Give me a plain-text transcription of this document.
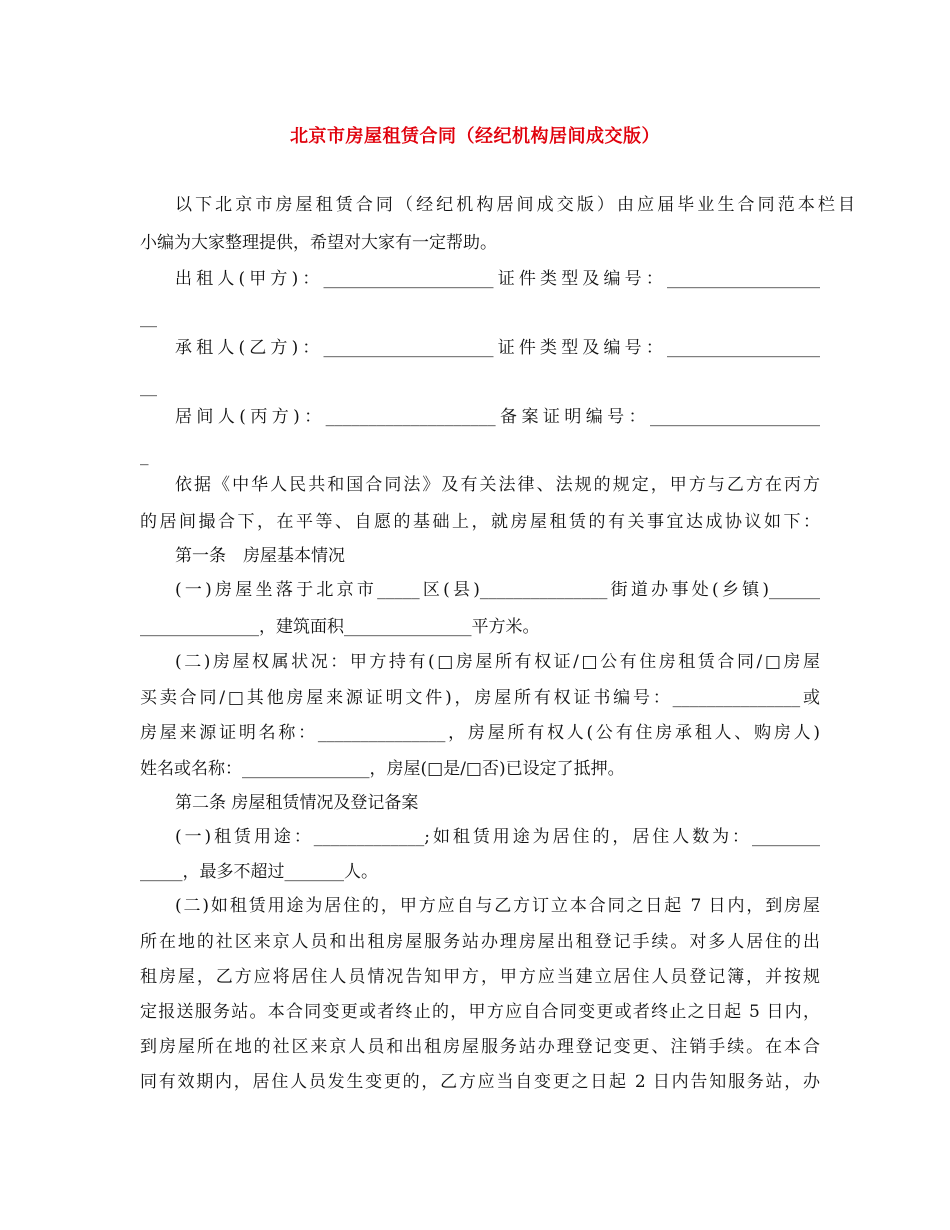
北京市房屋租赁合同（经纪机构居间成交版）
以下北京市房屋租赁合同（经纪机构居间成交版）由应届毕业生合同范本栏目
小编为大家整理提供，希望对大家有一定帮助。
出租人(甲方)：____________________证件类型及编号：__________________
__
承租人(乙方)：____________________证件类型及编号：__________________
__
居间人(丙方)：____________________备案证明编号：____________________
_
依据《中华人民共和国合同法》及有关法律、法规的规定，甲方与乙方在丙方
的居间撮合下，在平等、自愿的基础上，就房屋租赁的有关事宜达成协议如下：
第一条　房屋基本情况
(一)房屋坐落于北京市_____区(县)_______________街道办事处(乡镇)______
______________，建筑面积_______________平方米。
(二)房屋权属状况：甲方持有(□房屋所有权证/□公有住房租赁合同/□房屋
买卖合同/□其他房屋来源证明文件)，房屋所有权证书编号：_______________或
房屋来源证明名称：_______________，房屋所有权人(公有住房承租人、购房人)
姓名或名称：_______________，房屋(□是/□否)已设定了抵押。
第二条 房屋租赁情况及登记备案
(一)租赁用途：_____________;如租赁用途为居住的，居住人数为：________
_____，最多不超过_______人。
(二)如租赁用途为居住的，甲方应自与乙方订立本合同之日起 7 日内，到房屋
所在地的社区来京人员和出租房屋服务站办理房屋出租登记手续。对多人居住的出
租房屋，乙方应将居住人员情况告知甲方，甲方应当建立居住人员登记簿，并按规
定报送服务站。本合同变更或者终止的，甲方应自合同变更或者终止之日起 5 日内，
到房屋所在地的社区来京人员和出租房屋服务站办理登记变更、注销手续。在本合
同有效期内，居住人员发生变更的，乙方应当自变更之日起 2 日内告知服务站，办
